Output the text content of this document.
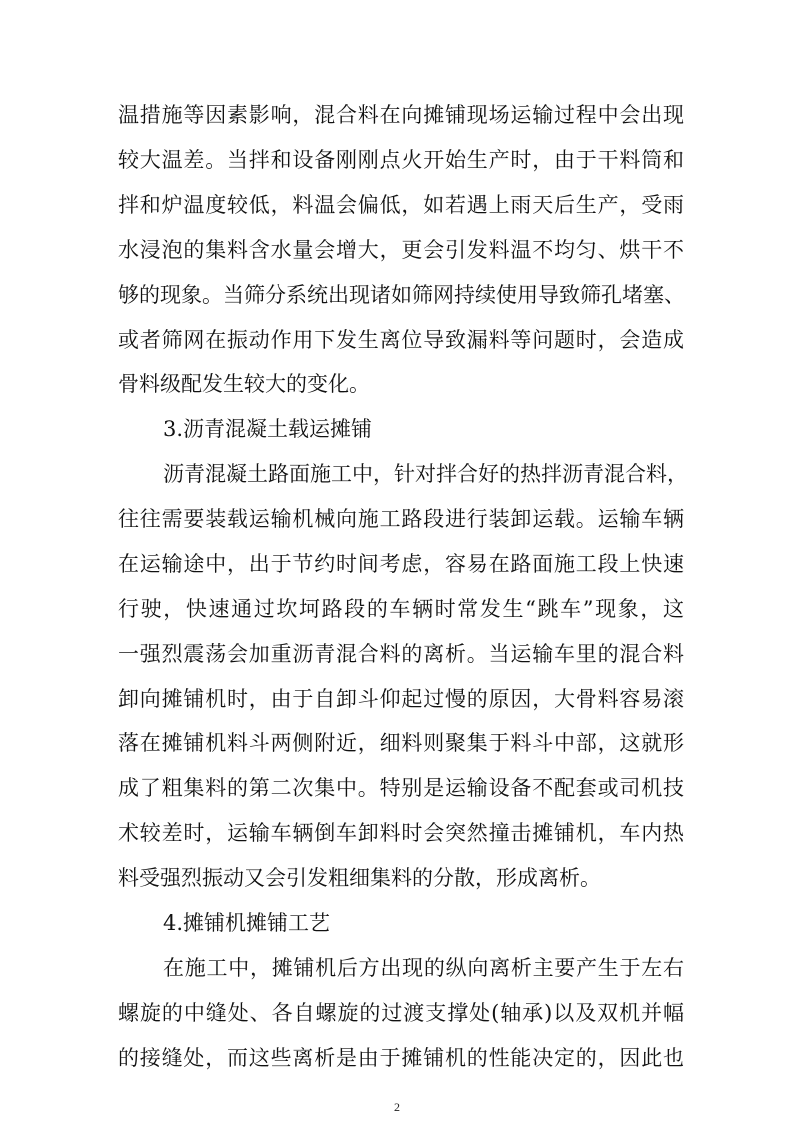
温措施等因素影响，混合料在向摊铺现场运输过程中会出现
较大温差。当拌和设备刚刚点火开始生产时，由于干料筒和
拌和炉温度较低，料温会偏低，如若遇上雨天后生产，受雨
水浸泡的集料含水量会增大，更会引发料温不均匀、烘干不
够的现象。当筛分系统出现诸如筛网持续使用导致筛孔堵塞、
或者筛网在振动作用下发生离位导致漏料等问题时，会造成
骨料级配发生较大的变化。
3.沥青混凝土载运摊铺
沥青混凝土路面施工中，针对拌合好的热拌沥青混合料，
往往需要装载运输机械向施工路段进行装卸运载。运输车辆
在运输途中，出于节约时间考虑，容易在路面施工段上快速
行驶，快速通过坎坷路段的车辆时常发生“跳车”现象，这
一强烈震荡会加重沥青混合料的离析。当运输车里的混合料
卸向摊铺机时，由于自卸斗仰起过慢的原因，大骨料容易滚
落在摊铺机料斗两侧附近，细料则聚集于料斗中部，这就形
成了粗集料的第二次集中。特别是运输设备不配套或司机技
术较差时，运输车辆倒车卸料时会突然撞击摊铺机，车内热
料受强烈振动又会引发粗细集料的分散，形成离析。
4.摊铺机摊铺工艺
在施工中，摊铺机后方出现的纵向离析主要产生于左右
螺旋的中缝处、各自螺旋的过渡支撑处(轴承)以及双机并幅
的接缝处，而这些离析是由于摊铺机的性能决定的，因此也
2
